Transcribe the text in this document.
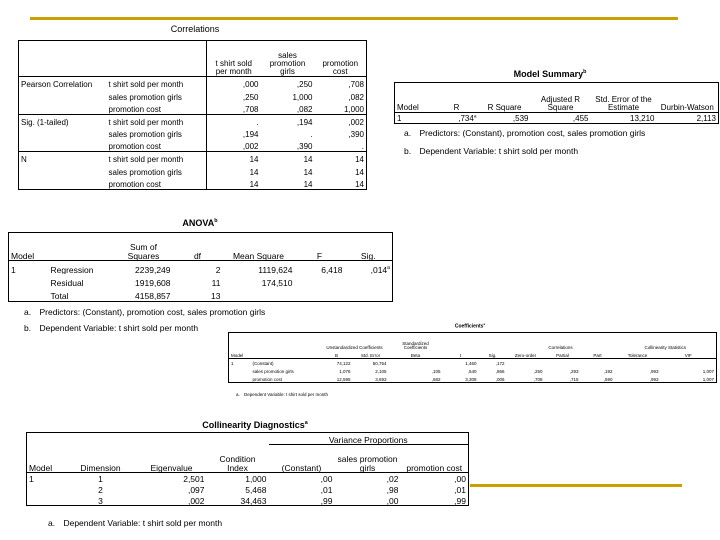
Correlations
		t shirt sold per month	sales promotion girls	promotion cost
Pearson Correlation	t shirt sold per month	,000	,250	,708
	sales promotion girls	,250	1,000	,082
	promotion cost	,708	,082	1,000
Sig. (1-tailed)	t shirt sold per month	.	,194	,002
	sales promotion girls	,194	.	,390
	promotion cost	,002	,390	.
N	t shirt sold per month	14	14	14
	sales promotion girls	14	14	14
	promotion cost	14	14	14
Model Summary$^b$
Model	R	R Square	Adjusted R Square	Std. Error of the Estimate	Durbin-Watson
1	,734$^a$	,539	,455	13,210	2,113
a. Predictors: (Constant), promotion cost, sales promotion girls
b. Dependent Variable: t shirt sold per month
ANOVA$^b$
Model		Sum of Squares	df	Mean Square	F	Sig.
1	Regression	2239,249	2	1119,624	6,418	,014$^a$
	Residual	1919,608	11	174,510		
	Total	4158,857	13			
a. Predictors: (Constant), promotion cost, sales promotion girls
b. Dependent Variable: t shirt sold per month	Coefficients$^a$
		Unstandardized Coefficients		Standardized Coefficients			Correlations			Collinearity Statistics	
Model		B	Std. Error	Beta	t	Sig.	Zero-order	Partial	Part	Tolerance	VIF
1	(Constant)	74,122	50,764		1,460	,172					
	sales promotion girls	1,076	2,105	,105	,540	,866	,250	,293	,192	,993	1,007
	promotion cost	12,595	3,693	,682	3,308	,006	,708	,715	,590	,993	1,007
a. Dependent Variable: t shirt sold per month
Collinearity Diagnostics$^a$
				Variance Proportions		
Model	Dimension	Eigenvalue	Condition Index	(Constant)	sales promotion girls	promotion cost
1	1	2,501	1,000	,00	,02	,00
	2	,097	5,468	,01	,98	,01
	3	,002	34,463	,99	,00	,99
a. Dependent Variable: t shirt sold per month
